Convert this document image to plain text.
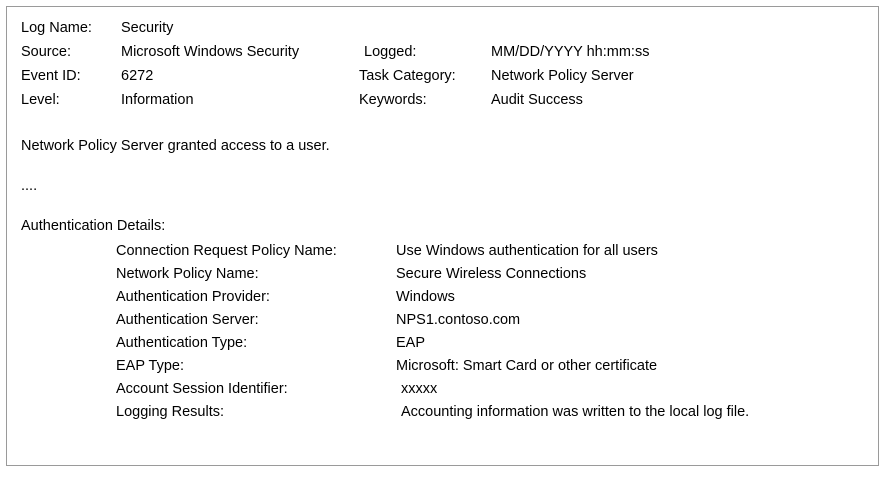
Log Name:	Security
Source:	Microsoft Windows Security	Logged:	MM/DD/YYYY hh:mm:ss
Event ID:	6272	Task Category:	Network Policy Server
Level:	Information	Keywords:	Audit Success
Network Policy Server granted access to a user.
....
Authentication Details:
Connection Request Policy Name:	Use Windows authentication for all users
Network Policy Name:	Secure Wireless Connections
Authentication Provider:	Windows
Authentication Server:	NPS1.contoso.com
Authentication Type:	EAP
EAP Type:	Microsoft: Smart Card or other certificate
Account Session Identifier:	xxxxx
Logging Results:	Accounting information was written to the local log file.
